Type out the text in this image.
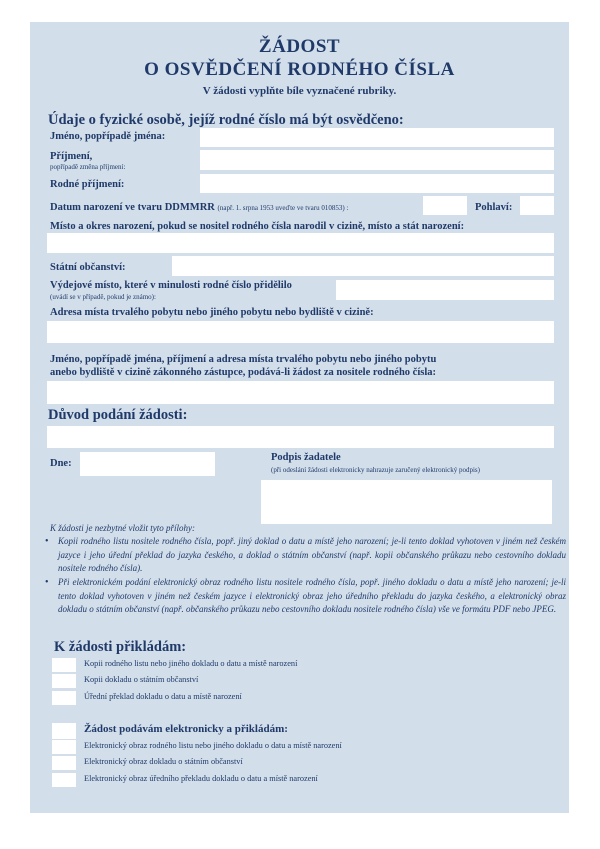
ŽÁDOST
O OSVĚDČENÍ RODNÉHO ČÍSLA
V žádosti vyplňte bíle vyznačené rubriky.
Údaje o fyzické osobě, jejíž rodné číslo má být osvědčeno:
Jméno, popřípadě jména:
Příjmení,
popřípadě změna příjmení:
Rodné příjmení:
Datum narození ve tvaru DDMMRR (např. 1. srpna 1953 uveďte ve tvaru 010853) :	Pohlaví:
Místo a okres narození, pokud se nositel rodného čísla narodil v cizině, místo a stát narození:
Státní občanství:
Výdejové místo, které v minulosti rodné číslo přidělilo
(uvádí se v případě, pokud je známo):
Adresa místa trvalého pobytu nebo jiného pobytu nebo bydliště v cizině:
Jméno, popřípadě jména, příjmení a adresa místa trvalého pobytu nebo jiného pobytu
anebo bydliště v cizině zákonného zástupce, podává-li žádost za nositele rodného čísla:
Důvod podání žádosti:
Dne:
Podpis žadatele
(při odeslání žádosti elektronicky nahrazuje zaručený elektronický podpis)
K žádosti je nezbytné vložit tyto přílohy:
• Kopii rodného listu nositele rodného čísla, popř. jiný doklad o datu a místě jeho narození; je-li tento doklad vyhotoven v jiném než českém jazyce i jeho úřední překlad do jazyka českého, a doklad o státním občanství (např. kopii občanského průkazu nebo cestovního dokladu nositele rodného čísla).
• Při elektronickém podání elektronický obraz rodného listu nositele rodného čísla, popř. jiného dokladu o datu a místě jeho narození; je-li tento doklad vyhotoven v jiném než českém jazyce i elektronický obraz jeho úředního překladu do jazyka českého, a elektronický obraz dokladu o státním občanství (např. občanského průkazu nebo cestovního dokladu nositele rodného čísla) vše ve formátu PDF nebo JPEG.
K žádosti přikládám:
Kopii rodného listu nebo jiného dokladu o datu a místě narození
Kopii dokladu o státním občanství
Úřední překlad dokladu o datu a místě narození
Žádost podávám elektronicky a přikládám:
Elektronický obraz rodného listu nebo jiného dokladu o datu a místě narození
Elektronický obraz dokladu o státním občanství
Elektronický obraz úředního překladu dokladu o datu a místě narození
